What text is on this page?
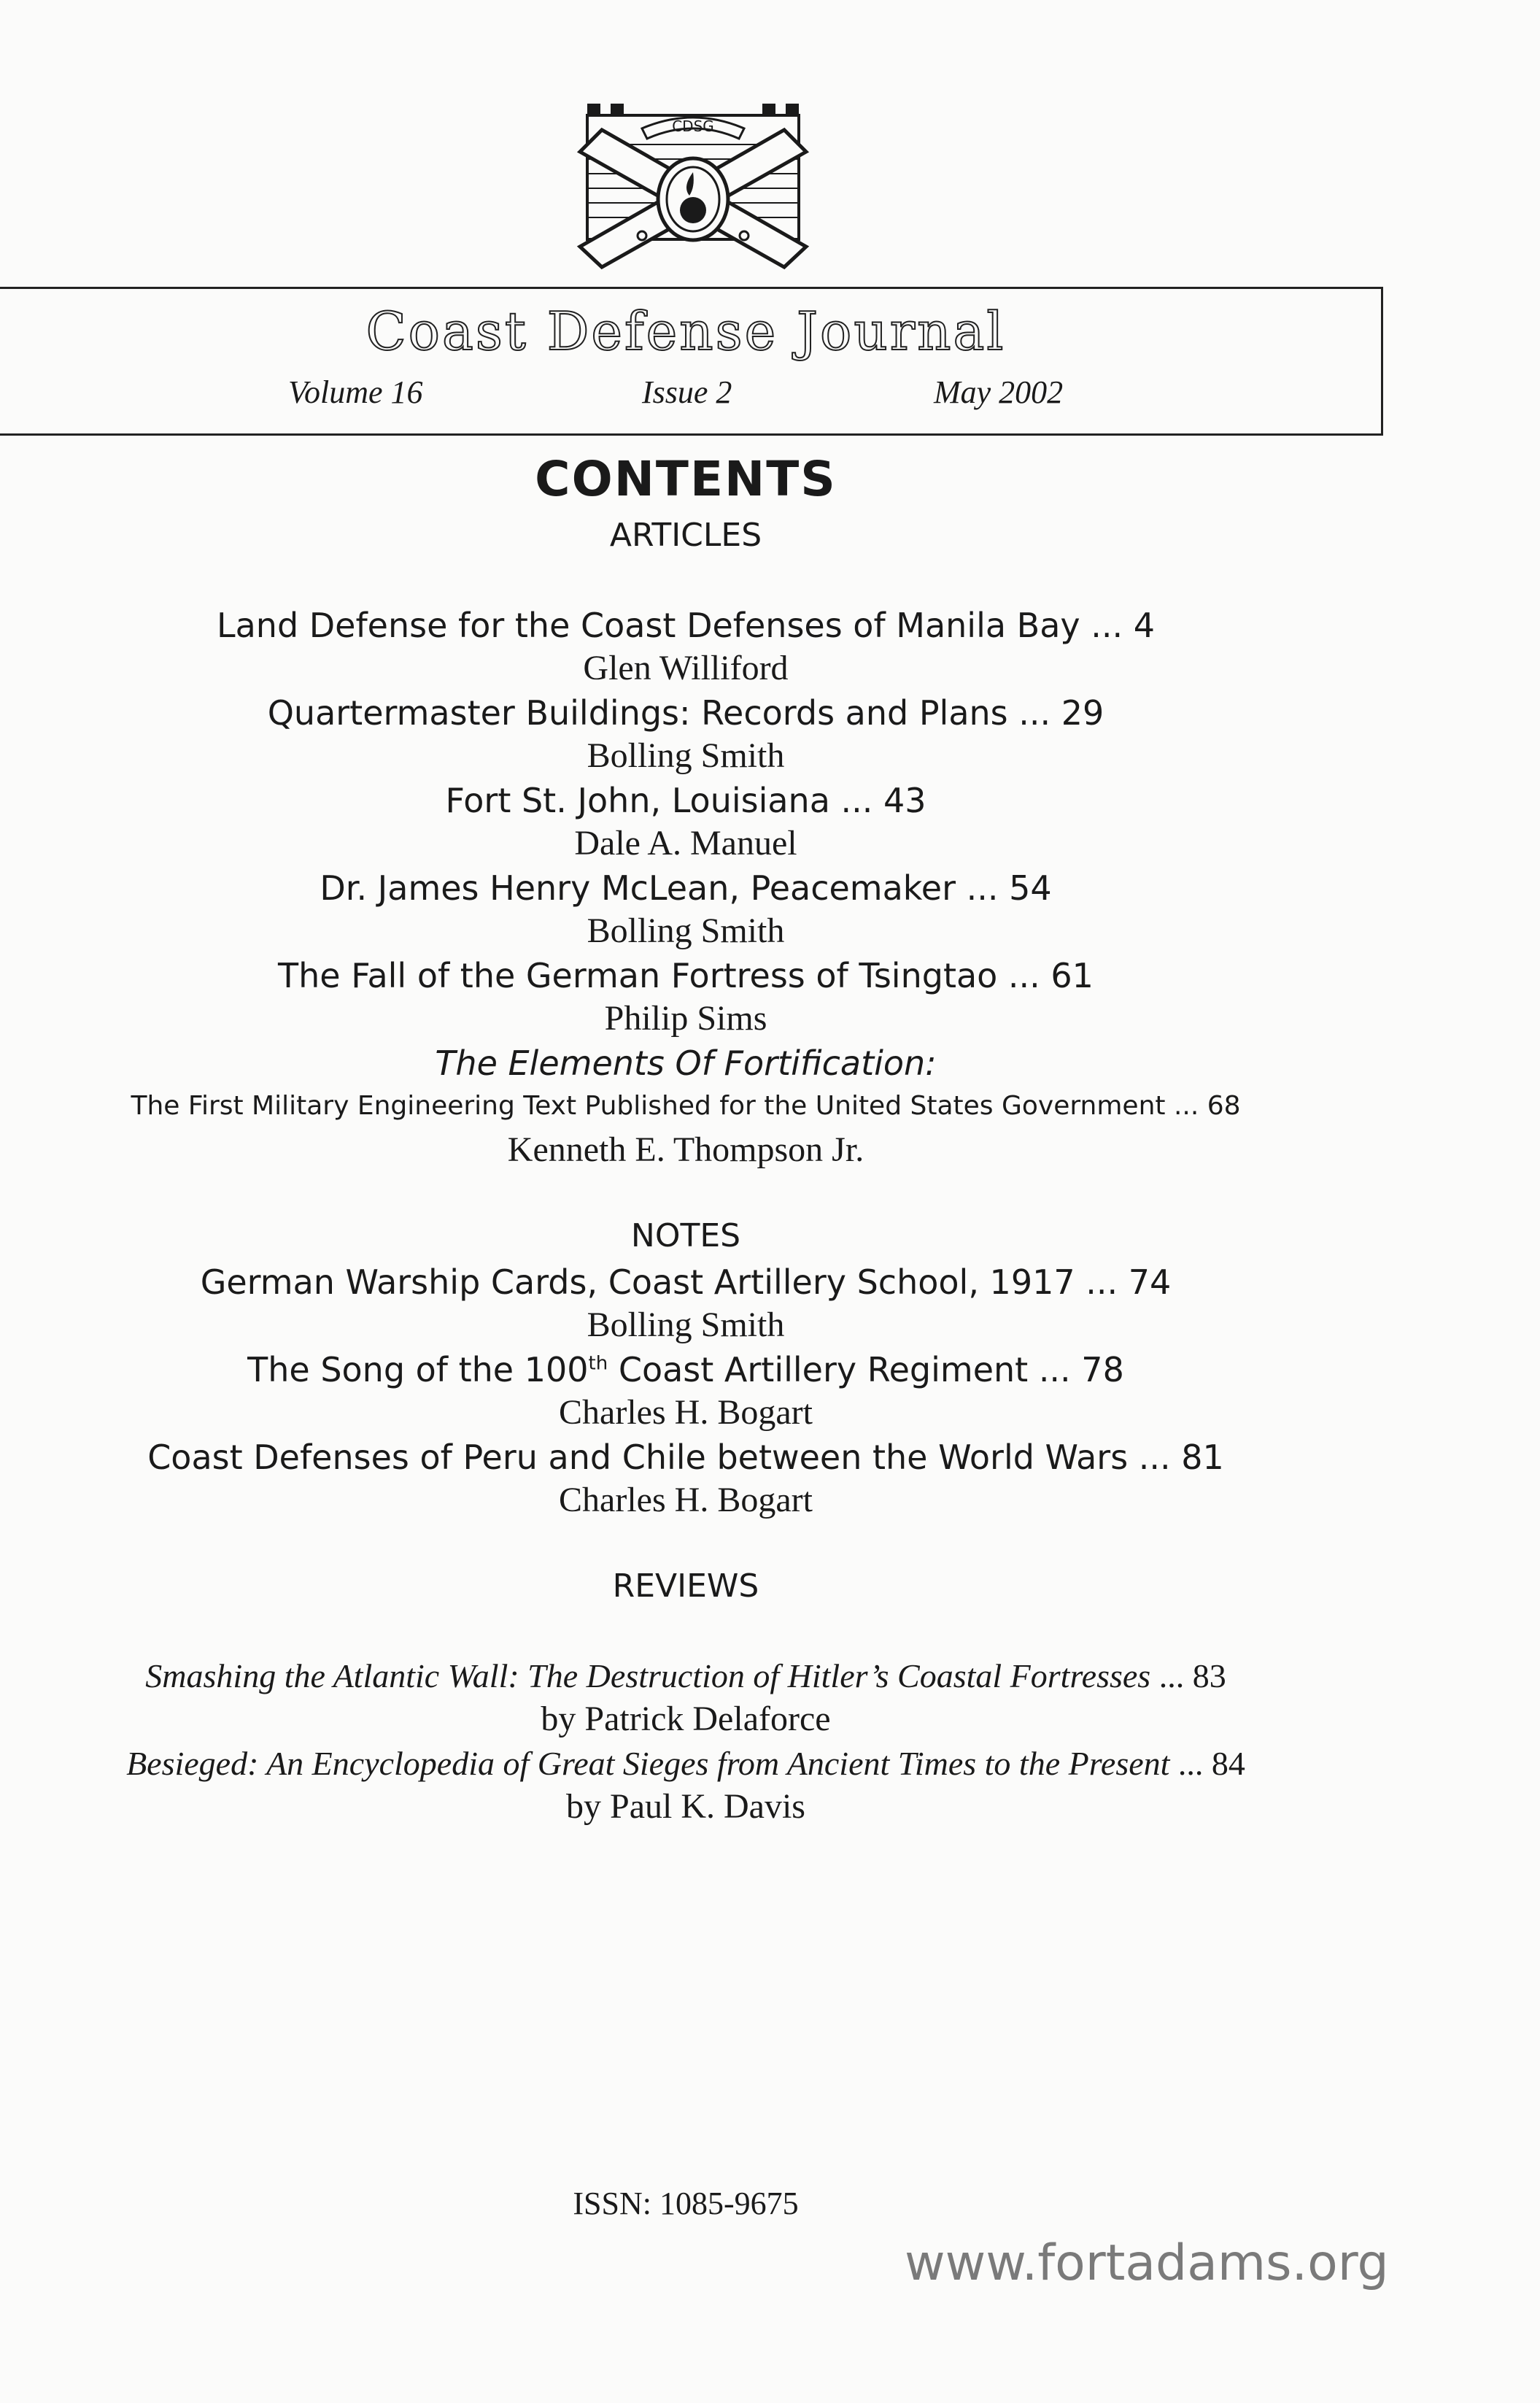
CDSG
Coast Defense Journal
Volume 16	Issue 2	May 2002
CONTENTS
ARTICLES
Land Defense for the Coast Defenses of Manila Bay ... 4
Glen Williford
Quartermaster Buildings: Records and Plans ... 29
Bolling Smith
Fort St. John, Louisiana ... 43
Dale A. Manuel
Dr. James Henry McLean, Peacemaker ... 54
Bolling Smith
The Fall of the German Fortress of Tsingtao ... 61
Philip Sims
The Elements Of Fortification:
The First Military Engineering Text Published for the United States Government ... 68
Kenneth E. Thompson Jr.
NOTES
German Warship Cards, Coast Artillery School, 1917 ... 74
Bolling Smith
The Song of the 100th Coast Artillery Regiment ... 78
Charles H. Bogart
Coast Defenses of Peru and Chile between the World Wars ... 81
Charles H. Bogart
REVIEWS
Smashing the Atlantic Wall: The Destruction of Hitler’s Coastal Fortresses ... 83
by Patrick Delaforce
Besieged: An Encyclopedia of Great Sieges from Ancient Times to the Present ... 84
by Paul K. Davis
ISSN: 1085-9675
www.fortadams.org
